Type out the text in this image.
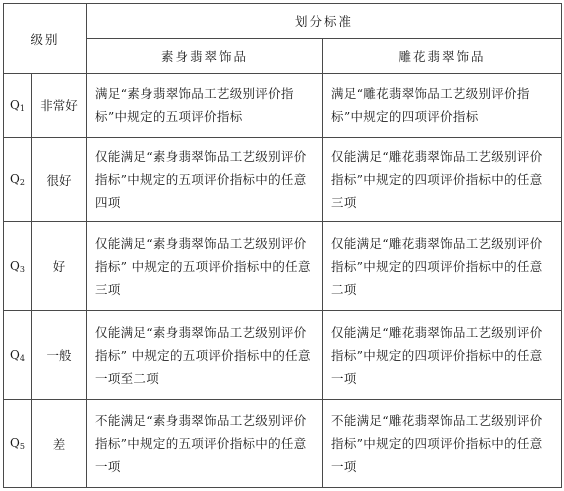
级别		划分标准	
		素身翡翠饰品	雕花翡翠饰品
$Q_1$	非常好	满足“素身翡翠饰品工艺级别评价指标”中规定的五项评价指标	满足“雕花翡翠饰品工艺级别评价指标”中规定的四项评价指标
$Q_2$	很好	仅能满足“素身翡翠饰品工艺级别评价指标”中规定的五项评价指标中的任意四项	仅能满足“雕花翡翠饰品工艺级别评价指标”中规定的四项评价指标中的任意三项
$Q_3$	好	仅能满足“素身翡翠饰品工艺级别评价指标” 中规定的五项评价指标中的任意三项	仅能满足“雕花翡翠饰品工艺级别评价指标”中规定的四项评价指标中的任意二项
$Q_4$	一般	仅能满足“素身翡翠饰品工艺级别评价指标” 中规定的五项评价指标中的任意一项至二项	仅能满足“雕花翡翠饰品工艺级别评价指标”中规定的四项评价指标中的任意一项
$Q_5$	差	不能满足“素身翡翠饰品工艺级别评价指标”中规定的五项评价指标中的任意一项	不能满足“雕花翡翠饰品工艺级别评价指标”中规定的四项评价指标中的任意一项
